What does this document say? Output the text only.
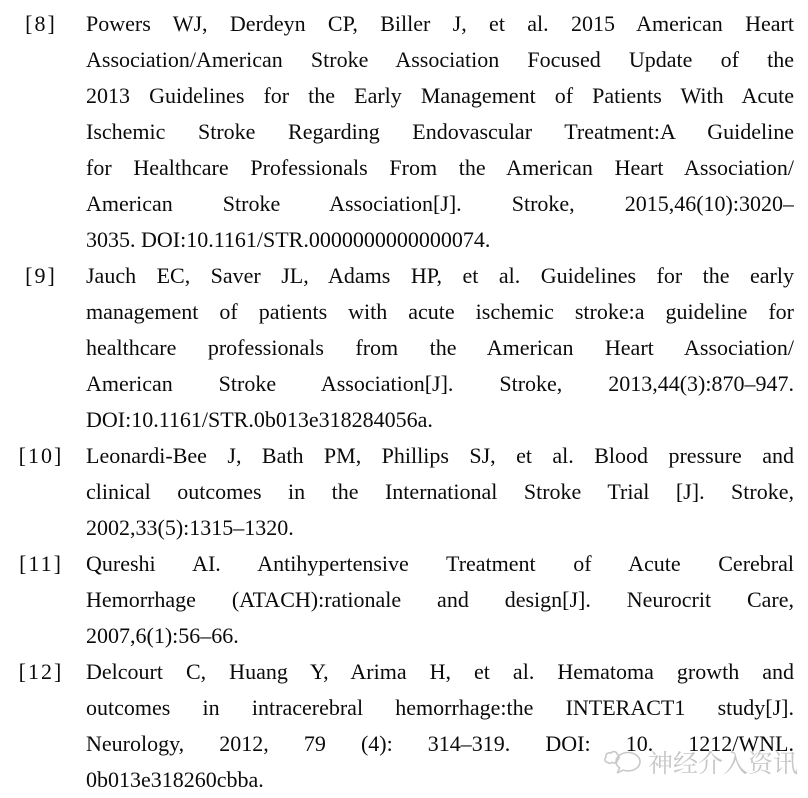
[8]	Powers WJ, Derdeyn CP, Biller J, et al. 2015 American Heart
Association/American Stroke Association Focused Update of the
2013 Guidelines for the Early Management of Patients With Acute
Ischemic Stroke Regarding Endovascular Treatment:A Guideline
for Healthcare Professionals From the American Heart Association/
American Stroke Association[J]. Stroke, 2015,46(10):3020–
3035. DOI:10.1161/STR.0000000000000074.
[9]	Jauch EC, Saver JL, Adams HP, et al. Guidelines for the early
management of patients with acute ischemic stroke:a guideline for
healthcare professionals from the American Heart Association/
American Stroke Association[J]. Stroke, 2013,44(3):870–947.
DOI:10.1161/STR.0b013e318284056a.
[10]	Leonardi-Bee J, Bath PM, Phillips SJ, et al. Blood pressure and
clinical outcomes in the International Stroke Trial [J]. Stroke,
2002,33(5):1315–1320.
[11]	Qureshi AI. Antihypertensive Treatment of Acute Cerebral
Hemorrhage (ATACH):rationale and design[J]. Neurocrit Care,
2007,6(1):56–66.
[12]	Delcourt C, Huang Y, Arima H, et al. Hematoma growth and
outcomes in intracerebral hemorrhage:the INTERACT1 study[J].
Neurology, 2012, 79 (4): 314–319. DOI: 10. 1212/WNL.
0b013e318260cbba.
神经介入资讯
